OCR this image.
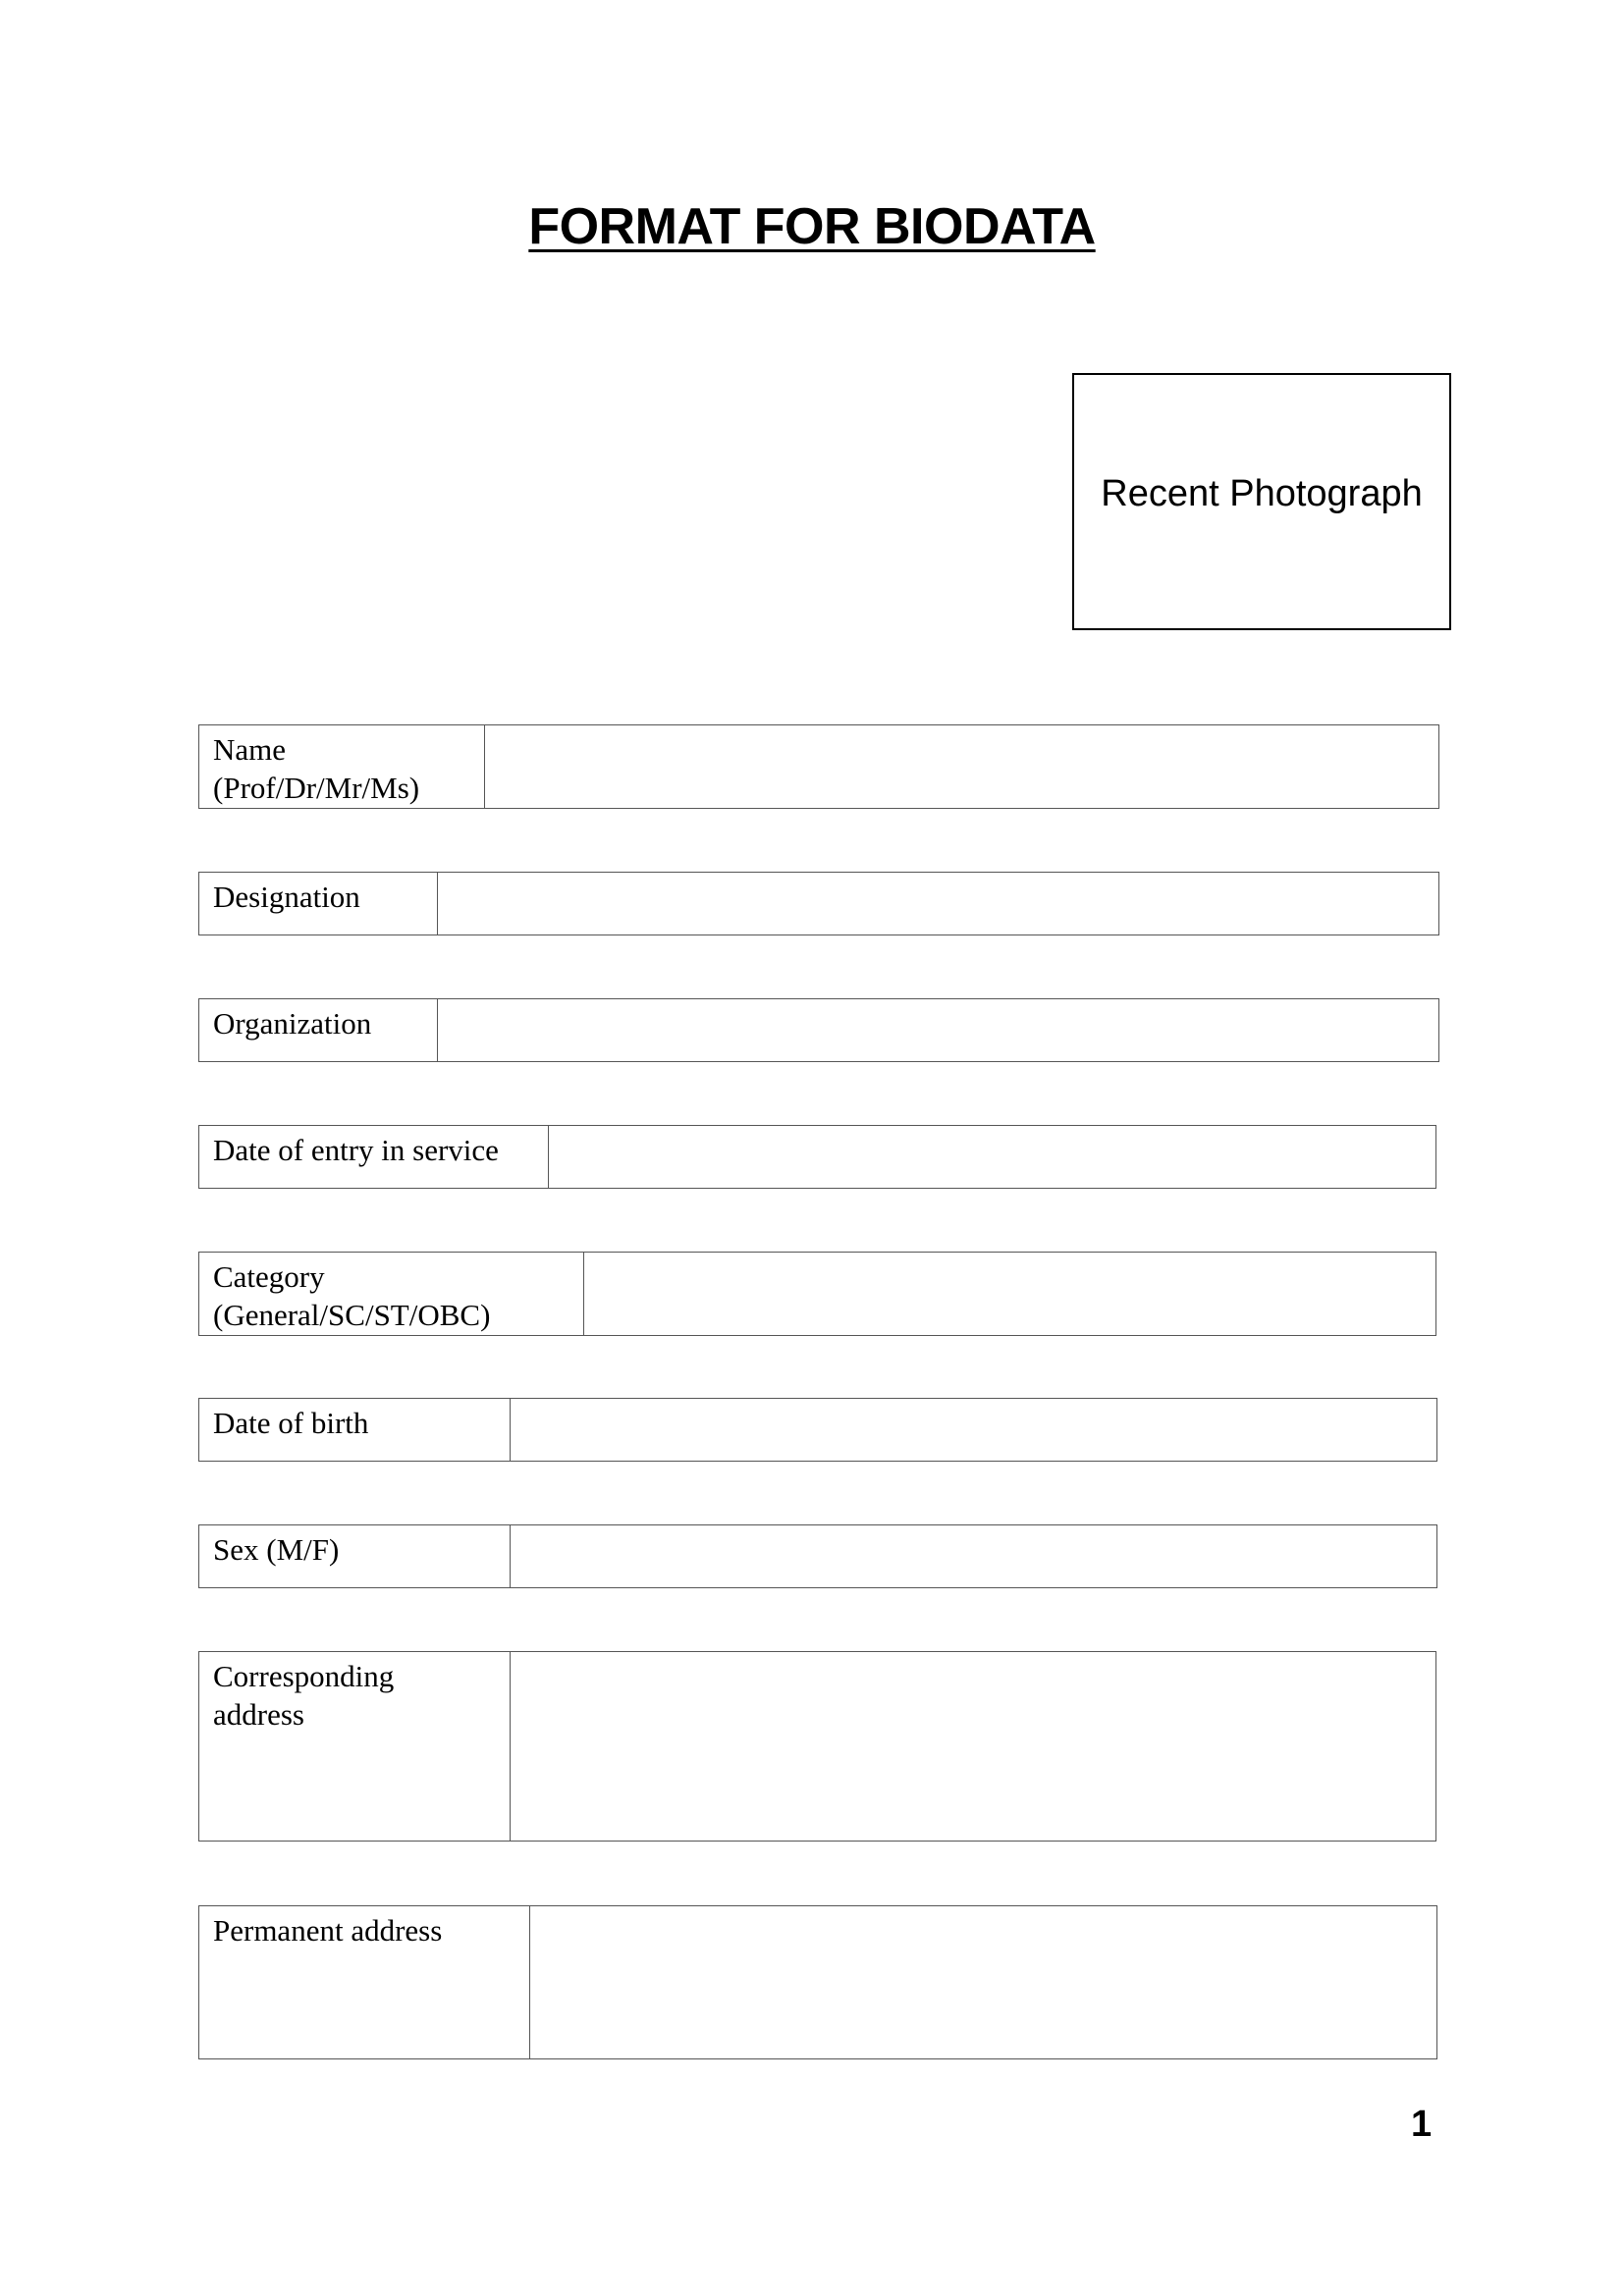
FORMAT FOR BIODATA
Recent Photograph
Name
(Prof/Dr/Mr/Ms)
Designation
Organization
Date of entry in service
Category
(General/SC/ST/OBC)
Date of birth
Sex (M/F)
Corresponding
address
Permanent address
1
